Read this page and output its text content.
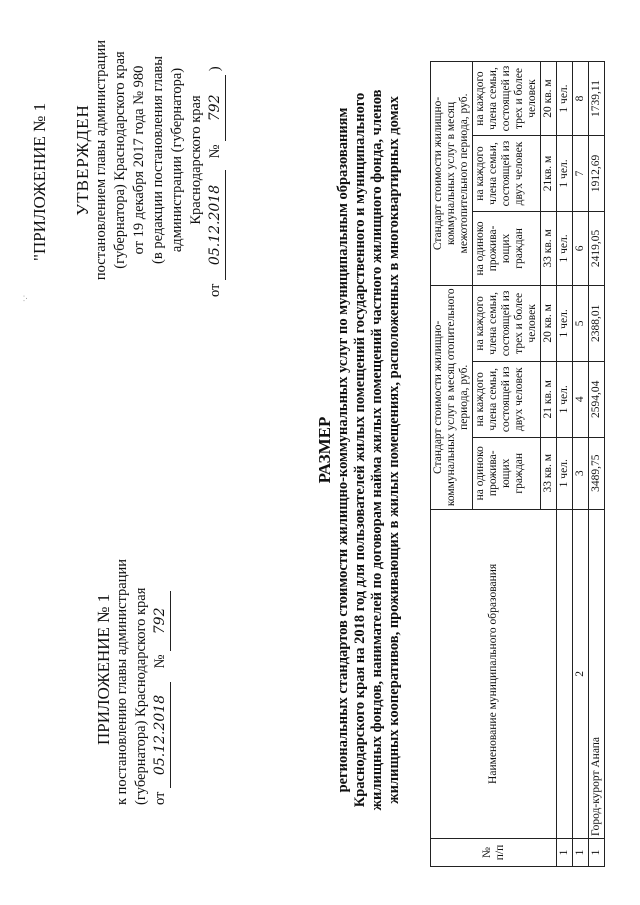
·.·
ПРИЛОЖЕНИЕ № 1 к постановлению главы администрации (губернатора) Краснодарского края от 05.12.2018 № 792
"ПРИЛОЖЕНИЕ № 1 УТВЕРЖДЕН постановлением главы администрации (губернатора) Краснодарского края от 19 декабря 2017 года № 980 (в редакции постановления главы администрации (губернатора) Краснодарского края
от 05.12.2018 № 792 )
РАЗМЕР региональных стандартов стоимости жилищно-коммунальных услуг по муниципальным образованиям Краснодарского края на 2018 год для пользователей жилых помещений государственного и муниципального жилищных фондов, нанимателей по договорам найма жилых помещений частного жилищного фонда, членов жилищных кооперативов, проживающих в жилых помещениях, расположенных в многоквартирных домах
№ п/п	Наименование муниципального образования	Стандарт стоимости жилищно-коммунальных услуг в месяц отопительного периода, руб.			Стандарт стоимости жилищно-коммунальных услуг в месяц межотопительного периода, руб.		
		на одиноко прожива-ющих граждан	на каждого члена семьи, состоящей из двух человек	на каждого члена семьи, состоящей из трех и более человек	на одиноко прожива-ющих граждан	на каждого члена семьи, состоящей из двух человек	на каждого члена семьи, состоящей из трех и более человек
		33 кв. м	21 кв. м	20 кв. м	33 кв. м	21кв. м	20 кв. м
1		1 чел.	1 чел.	1 чел.	1 чел.	1 чел.	1 чел.
1	2	3	4	5	6	7	8
1	Город-курорт Анапа	3489,75	2594,04	2388,01	2419,05	1912,69	1739,11
